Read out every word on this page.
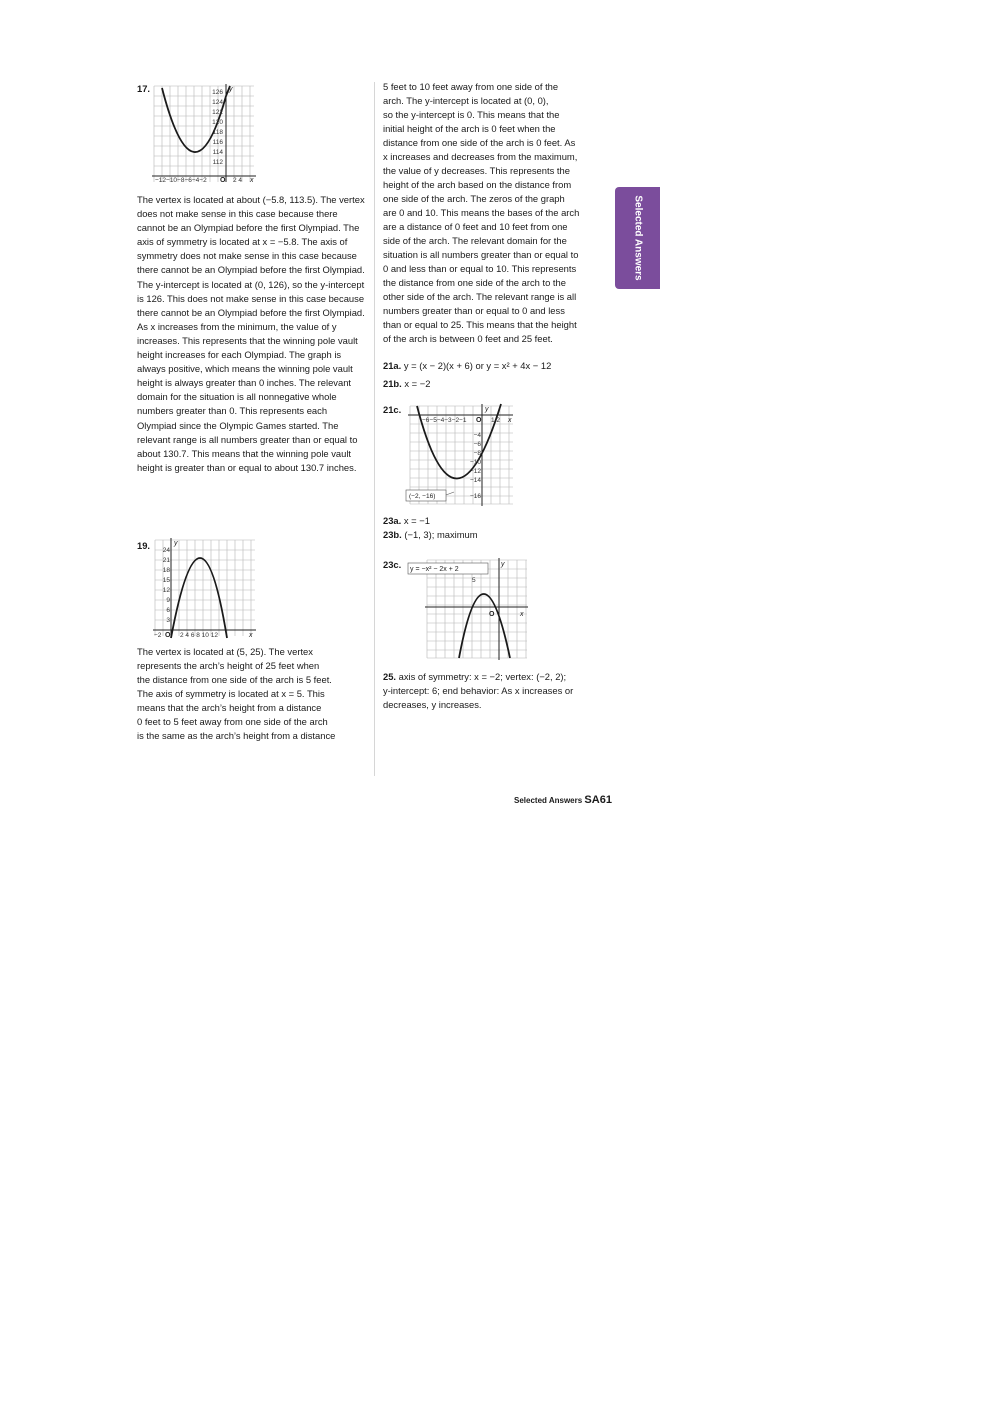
17.	126
124
122
120
118
116
114
112
−12−10−8−6−4−2 O 2 4 x
y
The vertex is located at about (−5.8, 113.5). The vertex does not make sense in this case because there cannot be an Olympiad before the first Olympiad. The axis of symmetry is located at x = −5.8. The axis of symmetry does not make sense in this case because there cannot be an Olympiad before the first Olympiad. The y-intercept is located at (0, 126), so the y-intercept is 126. This does not make sense in this case because there cannot be an Olympiad before the first Olympiad. As x increases from the minimum, the value of y increases. This represents that the winning pole vault height increases for each Olympiad. The graph is always positive, which means the winning pole vault height is always greater than 0 inches. The relevant domain for the situation is all nonnegative whole numbers greater than 0. This represents each Olympiad since the Olympic Games started. The relevant range is all numbers greater than or equal to about 130.7. This means that the winning pole vault height is greater than or equal to about 130.7 inches.
19. 24
21
18
15
12
9
6
3
−2 O 2 4 6 8 10 12	x
y
The vertex is located at (5, 25). The vertex
represents the arch’s height of 25 feet when
the distance from one side of the arch is 5 feet.
The axis of symmetry is located at x = 5. This
means that the arch’s height from a distance
0 feet to 5 feet away from one side of the arch
is the same as the arch’s height from a distance
5 feet to 10 feet away from one side of the
arch. The y-intercept is located at (0, 0),
so the y-intercept is 0. This means that the
initial height of the arch is 0 feet when the
distance from one side of the arch is 0 feet. As
x increases and decreases from the maximum,
the value of y decreases. This represents the
height of the arch based on the distance from
one side of the arch. The zeros of the graph
are 0 and 10. This means the bases of the arch
are a distance of 0 feet and 10 feet from one
side of the arch. The relevant domain for the
situation is all numbers greater than or equal to
0 and less than or equal to 10. This represents
the distance from one side of the arch to the
other side of the arch. The relevant range is all
numbers greater than or equal to 0 and less
than or equal to 25. This means that the height
of the arch is between 0 feet and 25 feet.
21a. y = (x − 2)(x + 6) or y = x² + 4x − 12
21b. x = −2
21c.
−6−5−4−3−2−1 O 1 2 x
y
−4
−6
−8
−10
−12
−14
−16
(−2, −16)
23a. x = −1
23b. (−1, 3); maximum
23c. y = −x² − 2x + 2
5
O	x
y
25. axis of symmetry: x = −2; vertex: (−2, 2);
y-intercept: 6; end behavior: As x increases or
decreases, y increases.
Selected Answers
Selected Answers SA61
